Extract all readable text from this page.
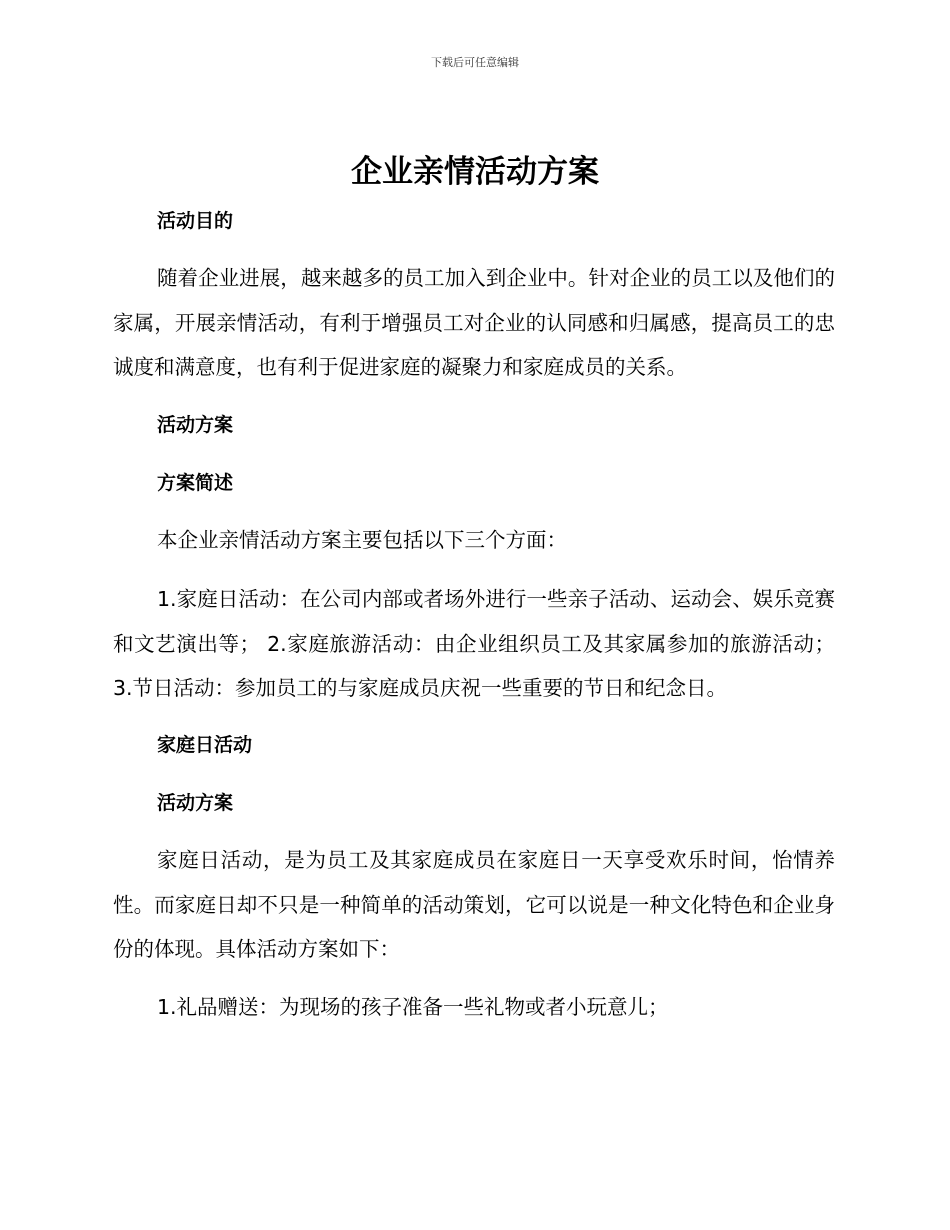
下载后可任意编辑
企业亲情活动方案
活动目的

随着企业进展，越来越多的员工加入到企业中。针对企业的员工以及他们的家属，开展亲情活动，有利于增强员工对企业的认同感和归属感，提高员工的忠诚度和满意度，也有利于促进家庭的凝聚力和家庭成员的关系。

活动方案
方案简述

本企业亲情活动方案主要包括以下三个方面：

1.家庭日活动：在公司内部或者场外进行一些亲子活动、运动会、娱乐竞赛和文艺演出等； 2.家庭旅游活动：由企业组织员工及其家属参加的旅游活动； 3.节日活动：参加员工的与家庭成员庆祝一些重要的节日和纪念日。

家庭日活动
活动方案

家庭日活动，是为员工及其家庭成员在家庭日一天享受欢乐时间，怡情养性。而家庭日却不只是一种简单的活动策划，它可以说是一种文化特色和企业身份的体现。具体活动方案如下：

1.礼品赠送：为现场的孩子准备一些礼物或者小玩意儿；
